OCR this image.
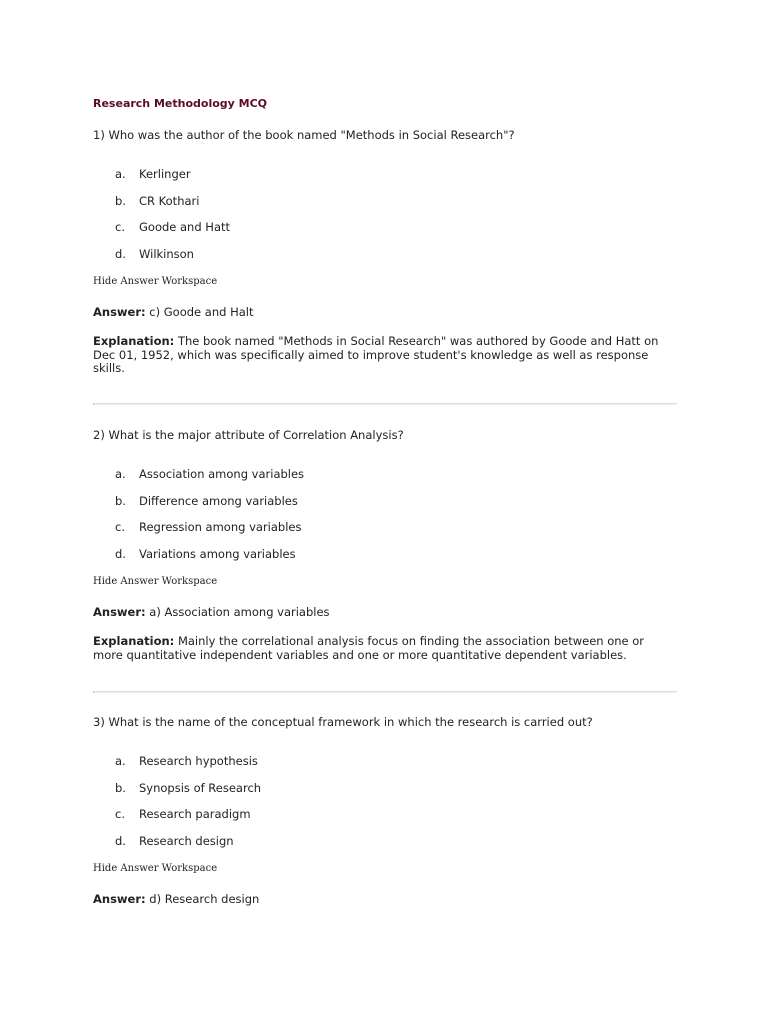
Research Methodology MCQ

1) Who was the author of the book named "Methods in Social Research"?

a.	Kerlinger
b.	CR Kothari
c.	Goode and Hatt
d.	Wilkinson
Hide Answer Workspace
Answer: c) Goode and Halt
Explanation: The book named "Methods in Social Research" was authored by Goode and Hatt on Dec 01, 1952, which was specifically aimed to improve student's knowledge as well as response skills.

2) What is the major attribute of Correlation Analysis?

a.	Association among variables
b.	Difference among variables
c.	Regression among variables
d.	Variations among variables
Hide Answer Workspace
Answer: a) Association among variables
Explanation: Mainly the correlational analysis focus on finding the association between one or more quantitative independent variables and one or more quantitative dependent variables.

3) What is the name of the conceptual framework in which the research is carried out?

a.	Research hypothesis
b.	Synopsis of Research
c.	Research paradigm
d.	Research design
Hide Answer Workspace
Answer: d) Research design
